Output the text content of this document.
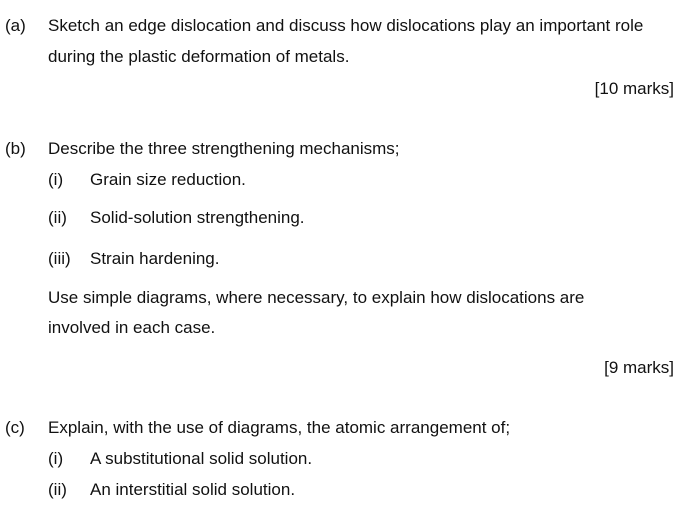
(a) Sketch an edge dislocation and discuss how dislocations play an important role
during the plastic deformation of metals.
[10 marks]
(b) Describe the three strengthening mechanisms;
(i) Grain size reduction.
(ii) Solid-solution strengthening.
(iii) Strain hardening.
Use simple diagrams, where necessary, to explain how dislocations are
involved in each case.
[9 marks]
(c) Explain, with the use of diagrams, the atomic arrangement of;
(i) A substitutional solid solution.
(ii) An interstitial solid solution.
